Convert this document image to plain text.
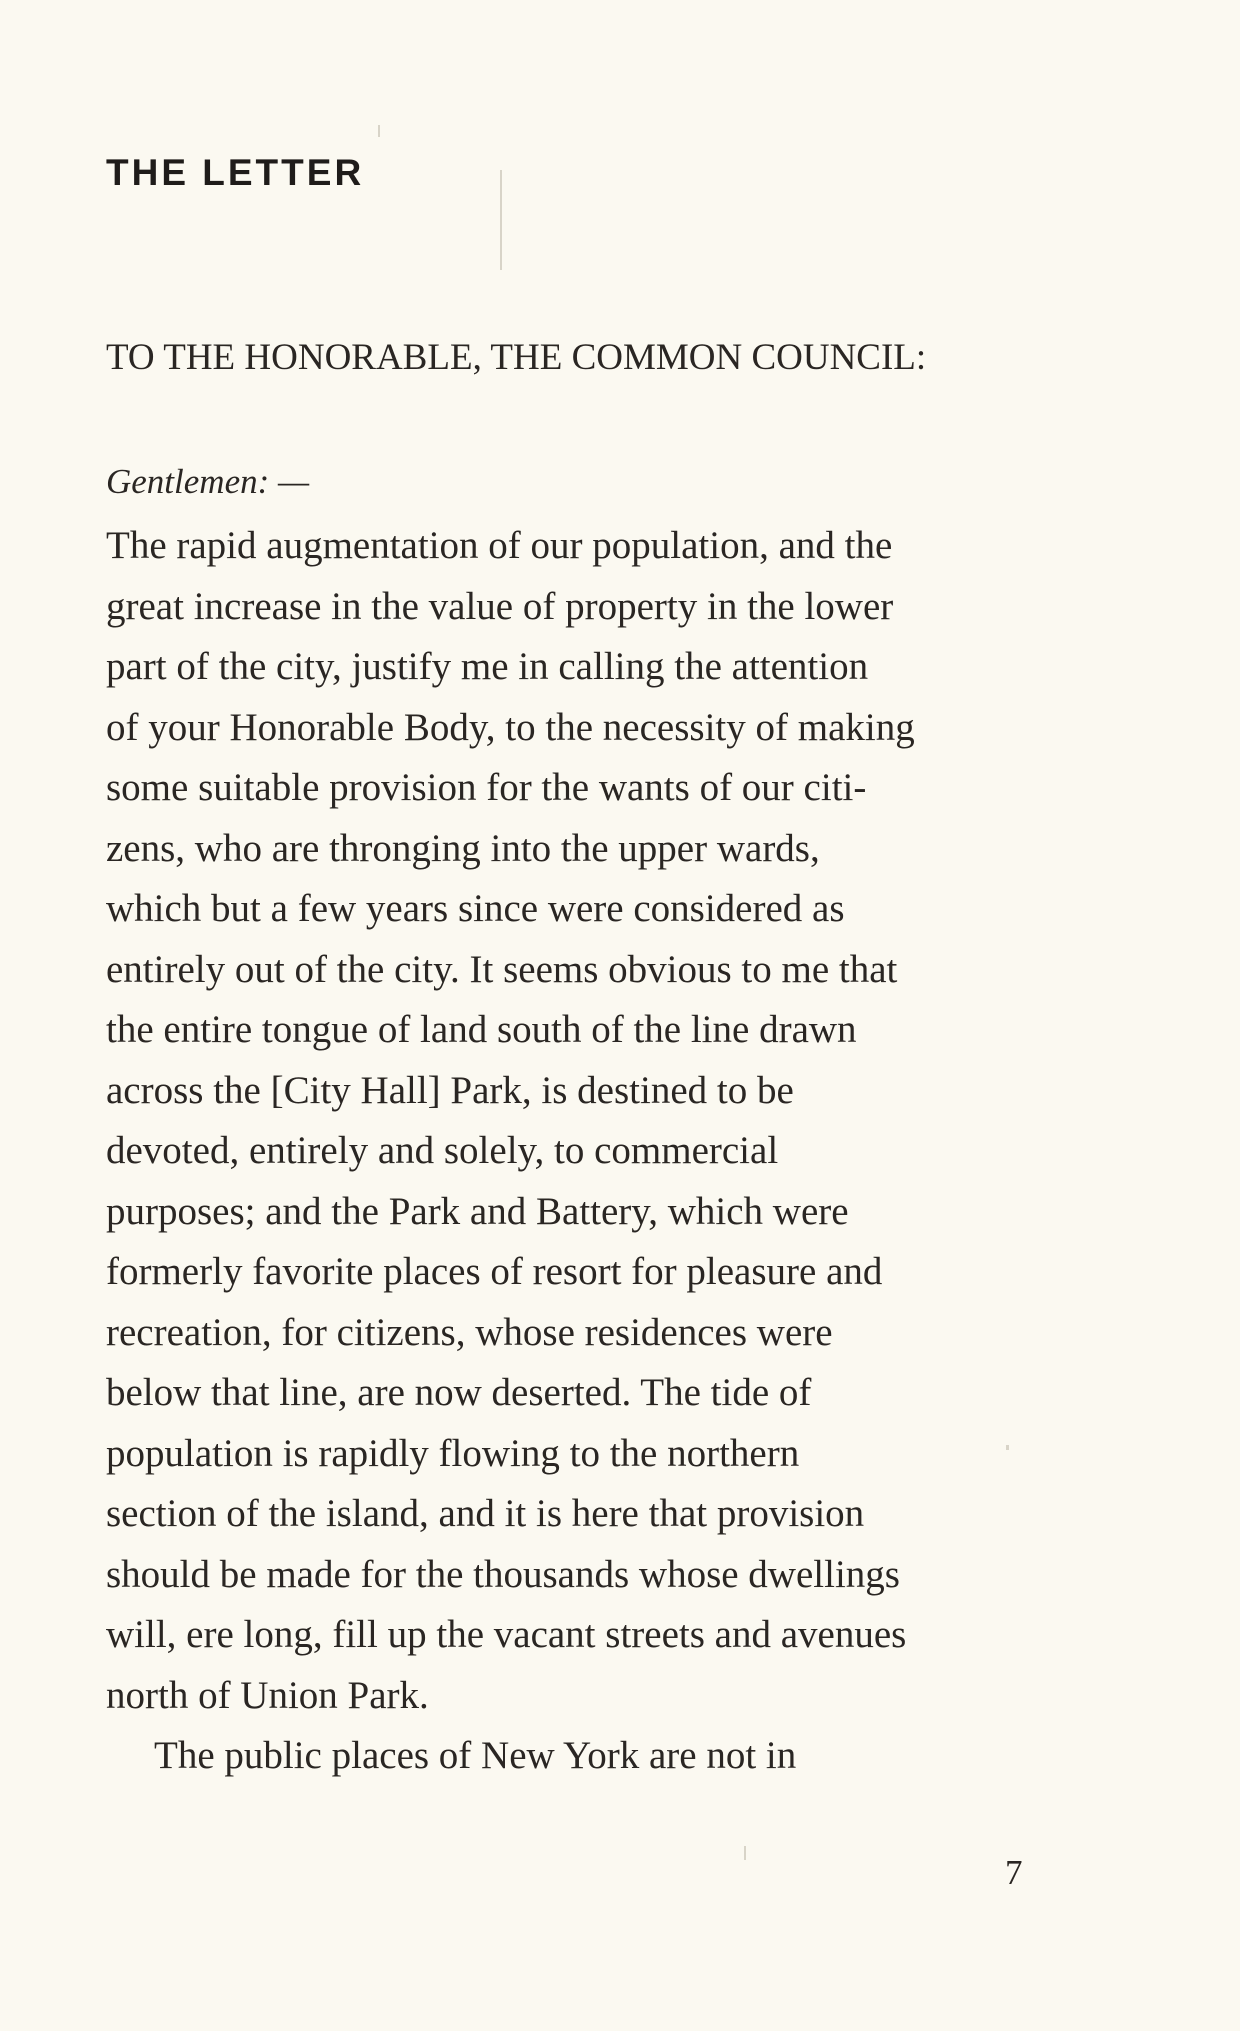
THE LETTER

TO THE HONORABLE, THE COMMON COUNCIL:

Gentlemen: —

The rapid augmentation of our population, and the
great increase in the value of property in the lower
part of the city, justify me in calling the attention
of your Honorable Body, to the necessity of making
some suitable provision for the wants of our citi-
zens, who are thronging into the upper wards,
which but a few years since were considered as
entirely out of the city. It seems obvious to me that
the entire tongue of land south of the line drawn
across the [City Hall] Park, is destined to be
devoted, entirely and solely, to commercial
purposes; and the Park and Battery, which were
formerly favorite places of resort for pleasure and
recreation, for citizens, whose residences were
below that line, are now deserted. The tide of
population is rapidly flowing to the northern
section of the island, and it is here that provision
should be made for the thousands whose dwellings
will, ere long, fill up the vacant streets and avenues
north of Union Park.
The public places of New York are not in
7
